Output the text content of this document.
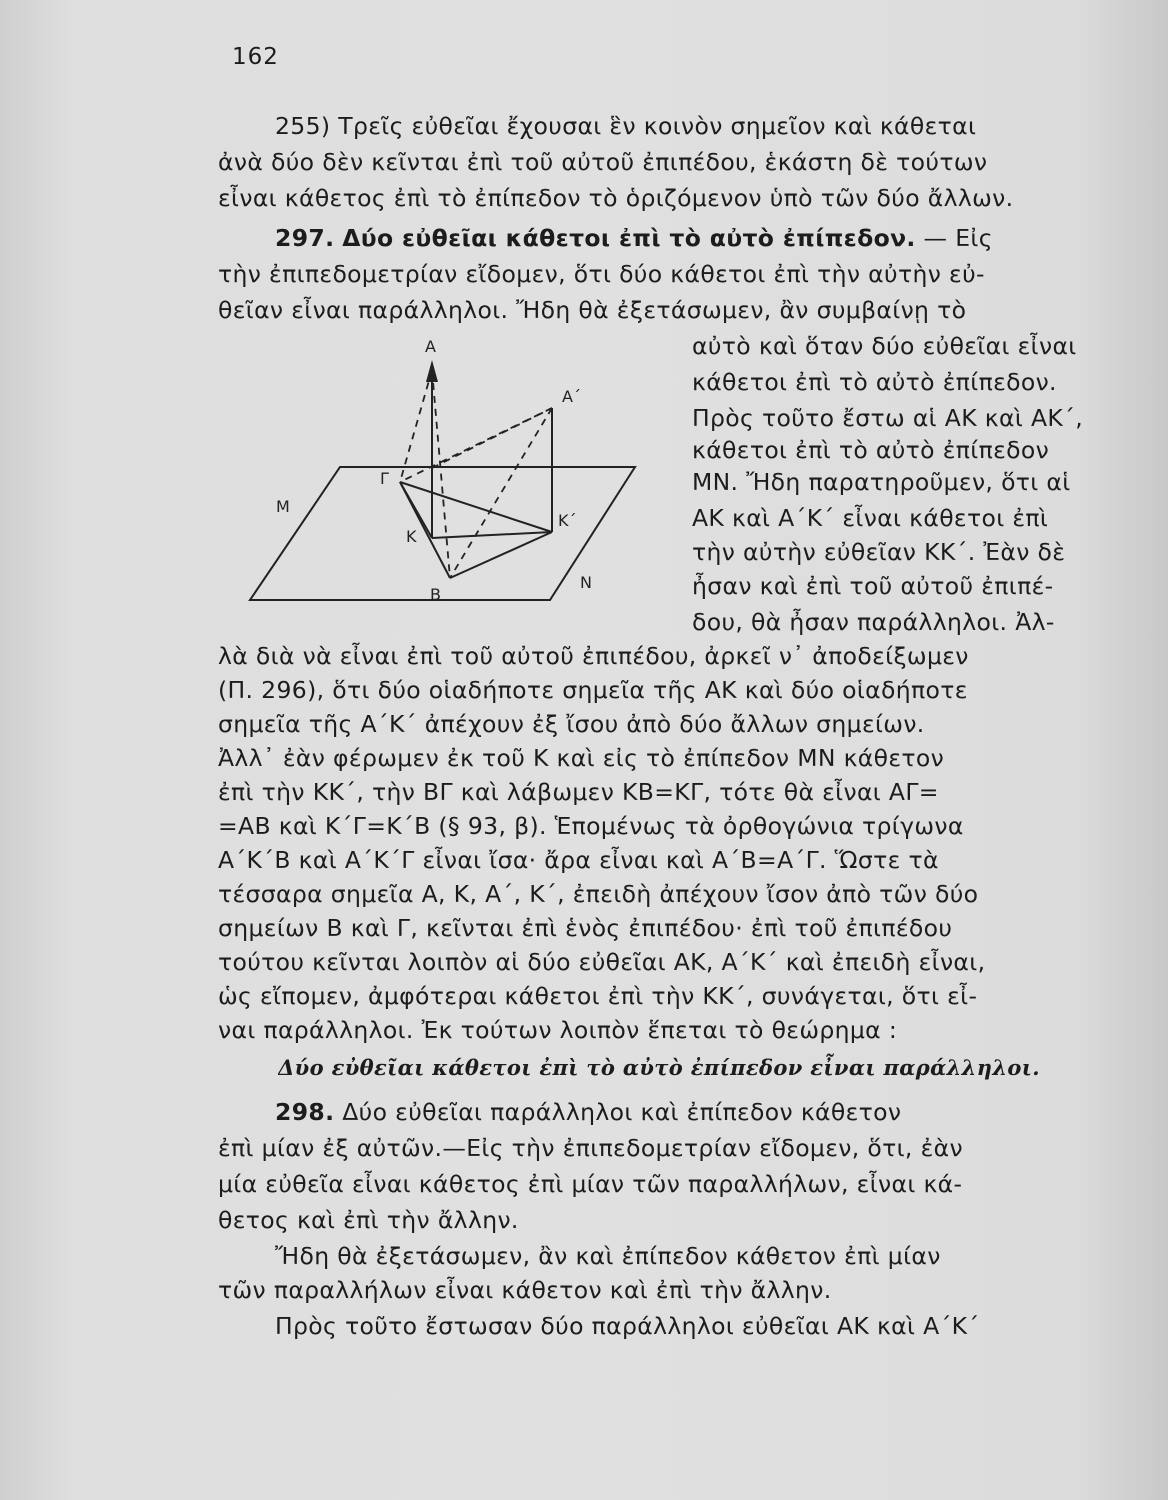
162
255) Τρεῖς εὐθεῖαι ἔχουσαι ἓν κοινὸν σημεῖον καὶ κάθεται
ἀνὰ δύο δὲν κεῖνται ἐπὶ τοῦ αὐτοῦ ἐπιπέδου, ἑκάστη δὲ τούτων
εἶναι κάθετος ἐπὶ τὸ ἐπίπεδον τὸ ὁριζόμενον ὑπὸ τῶν δύο ἄλλων.
297. Δύο εὐθεῖαι κάθετοι ἐπὶ τὸ αὐτὸ ἐπίπεδον. — Εἰς
τὴν ἐπιπεδομετρίαν εἴδομεν, ὅτι δύο κάθετοι ἐπὶ τὴν αὐτὴν εὐ-
θεῖαν εἶναι παράλληλοι. Ἤδη θὰ ἐξετάσωμεν, ἂν συμβαίνῃ τὸ
αὐτὸ καὶ ὅταν δύο εὐθεῖαι εἶναι
κάθετοι ἐπὶ τὸ αὐτὸ ἐπίπεδον.
Πρὸς τοῦτο ἔστω αἱ ΑΚ καὶ ΑΚ΄,
κάθετοι ἐπὶ τὸ αὐτὸ ἐπίπεδον
ΜΝ. Ἤδη παρατηροῦμεν, ὅτι αἱ
ΑΚ καὶ Α΄Κ΄ εἶναι κάθετοι ἐπὶ
τὴν αὐτὴν εὐθεῖαν ΚΚ΄. Ἐὰν δὲ
ἦσαν καὶ ἐπὶ τοῦ αὐτοῦ ἐπιπέ-
δου, θὰ ἦσαν παράλληλοι. Ἀλ-
Α
Α΄
Γ
Κ
Κ΄
Β
Μ
Ν
λὰ διὰ νὰ εἶναι ἐπὶ τοῦ αὐτοῦ ἐπιπέδου, ἀρκεῖ ν᾽ ἀποδείξωμεν
(Π. 296), ὅτι δύο οἱαδήποτε σημεῖα τῆς ΑΚ καὶ δύο οἱαδήποτε
σημεῖα τῆς Α΄Κ΄ ἀπέχουν ἐξ ἴσου ἀπὸ δύο ἄλλων σημείων.
Ἀλλ᾽ ἐὰν φέρωμεν ἐκ τοῦ Κ καὶ εἰς τὸ ἐπίπεδον ΜΝ κάθετον
ἐπὶ τὴν ΚΚ΄, τὴν ΒΓ καὶ λάβωμεν ΚΒ=ΚΓ, τότε θὰ εἶναι ΑΓ=
=ΑΒ καὶ Κ΄Γ=Κ΄Β (§ 93, β). Ἑπομένως τὰ ὀρθογώνια τρίγωνα
Α΄Κ΄Β καὶ Α΄Κ΄Γ εἶναι ἴσα· ἄρα εἶναι καὶ Α΄Β=Α΄Γ. Ὥστε τὰ
τέσσαρα σημεῖα Α, Κ, Α΄, Κ΄, ἐπειδὴ ἀπέχουν ἴσον ἀπὸ τῶν δύο
σημείων Β καὶ Γ, κεῖνται ἐπὶ ἑνὸς ἐπιπέδου· ἐπὶ τοῦ ἐπιπέδου
τούτου κεῖνται λοιπὸν αἱ δύο εὐθεῖαι ΑΚ, Α΄Κ΄ καὶ ἐπειδὴ εἶναι,
ὡς εἴπομεν, ἀμφότεραι κάθετοι ἐπὶ τὴν ΚΚ΄, συνάγεται, ὅτι εἶ-
ναι παράλληλοι. Ἐκ τούτων λοιπὸν ἕπεται τὸ θεώρημα :
Δύο εὐθεῖαι κάθετοι ἐπὶ τὸ αὐτὸ ἐπίπεδον εἶναι παράλληλοι.
298. Δύο εὐθεῖαι παράλληλοι καὶ ἐπίπεδον κάθετον
ἐπὶ μίαν ἐξ αὐτῶν.—Εἰς τὴν ἐπιπεδομετρίαν εἴδομεν, ὅτι, ἐὰν
μία εὐθεῖα εἶναι κάθετος ἐπὶ μίαν τῶν παραλλήλων, εἶναι κά-
θετος καὶ ἐπὶ τὴν ἄλλην.
Ἤδη θὰ ἐξετάσωμεν, ἂν καὶ ἐπίπεδον κάθετον ἐπὶ μίαν
τῶν παραλλήλων εἶναι κάθετον καὶ ἐπὶ τὴν ἄλλην.
Πρὸς τοῦτο ἔστωσαν δύο παράλληλοι εὐθεῖαι ΑΚ καὶ Α΄Κ΄
